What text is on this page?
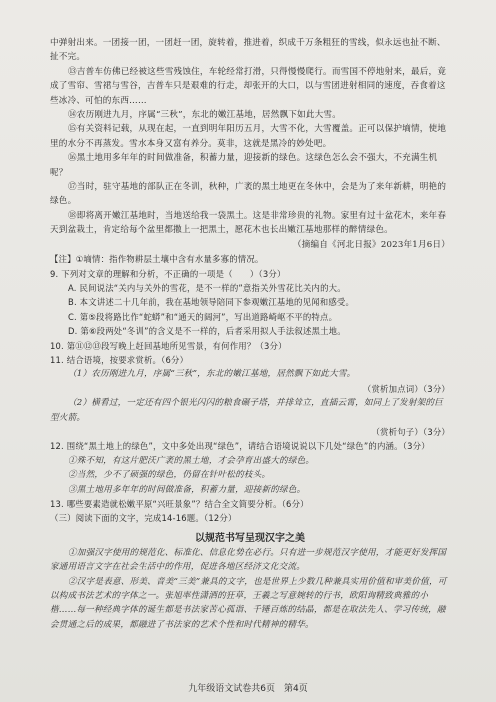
中弹射出来。一团接一团，一团赶一团，旋转着，推进着，织成千万条粗狂的雪线，似永远也扯不断、扯不完。

⑬吉普车仿佛已经被这些雪残蚀住，车轮经常打滑，只得慢慢爬行。而雪国不停地射来，最后，竟成了雪帘、雪裙与雪谷，吉普车只是艰难的行走，却张开的大口，以与雪团进射相同的速度，吞食着这些冰冷、可怕的东西……

⑭农历刚进九月，序属“三秋”，东北的嫩江基地，居然飘下如此大雪。

⑮有关资料记载，从现在起，一直到明年阳历五月，大雪不化，大雪覆盖。正可以保护墒情，使地里的水分不再蒸发。雪水本身又富有养分。莫非，这就是黑冷的妙处吧。

⑯黑土地用多年年的时间做准备，积蓄力量，迎接新的绿色。这绿色怎么会不强大，不充满生机呢？

⑰当时，驻守基地的部队正在冬训，秋种，广袤的黑土地更在冬休中，会是为了来年新耕，明艳的绿色。

⑱即将离开嫩江基地时，当地送给我一袋黑土。这是非常珍贵的礼物。家里有过十盆花木，来年春天到盆栽土，肯定给每个盆里都撒上一把黑土，愿花木也长出嫩江基地那样的醉情绿色。

（摘编自《河北日报》2023年1月6日）

【注】①墒情：指作物耕层土壤中含有水量多寡的情况。

9. 下列对文章的理解和分析，不正确的一项是（　　）（3分）

A. 民间说法“关内与关外的雪花，是不一样的”意指关外雪花比关内的大。

B. 本文讲述二十几年前，我在基地领导陪同下参观嫩江基地的见闻和感受。

C. 第⑤段将路比作“蛇蟒”和“通天的阔河”，写出道路崎岖不平的特点。

D. 第⑥段两处“冬训”的含义是不一样的，后者采用拟人手法叙述黑土地。

10. 第⑪⑫⑬段写晚上赶回基地所见雪景，有何作用？（3分）

11. 结合语境，按要求赏析。（6分）

（1）农历刚进九月，序属“三秋”，东北的嫩江基地，居然飘下如此大雪。

（赏析加点词）（3分）

（2）横看过，一定还有四个银光闪闪的粮食碾子塔，并排耸立，直插云霄，如同上了发射架的巨型火箭。

（赏析句子）（3分）

12. 围绕“黑土地上的绿色”，文中多处出现“绿色”，请结合语境说说以下几处“绿色”的内涵。（3分）

①殊不知，有这片肥沃广袤的黑土地，才会孕育出盛大的绿色。

②当然，少不了硕强的绿色，仍留在针叶松的枝头。

③黑土地用多年年的时间做准备，积蓄力量，迎接新的绿色。

13. 哪些要素造就松嫩平原“兴旺景象”？结合全文简要分析。（6分）

（三）阅读下面的文字，完成14-16题。（12分）

以规范书写呈现汉字之美

①加强汉字使用的规范化、标准化、信息化势在必行。只有进一步规范汉字使用，才能更好发挥国家通用语言文字在社会生活中的作用，促进各地区经济文化交流。

②汉字是表意、形美、音美“三美”兼具的文字，也是世界上少数几种兼具实用价值和审美价值，可以构成书法艺术的字体之一。张旭率性潇洒的狂草，王羲之写意婉转的行书，欧阳询精致典雅的小楷……每一种经典字体的诞生都是书法家苦心孤诣、千锤百炼的结晶，都是在取法先人、学习传统，融会贯通之后的成果，都融进了书法家的艺术个性和时代精神的精华。

九年级语文试卷共6页　第4页
